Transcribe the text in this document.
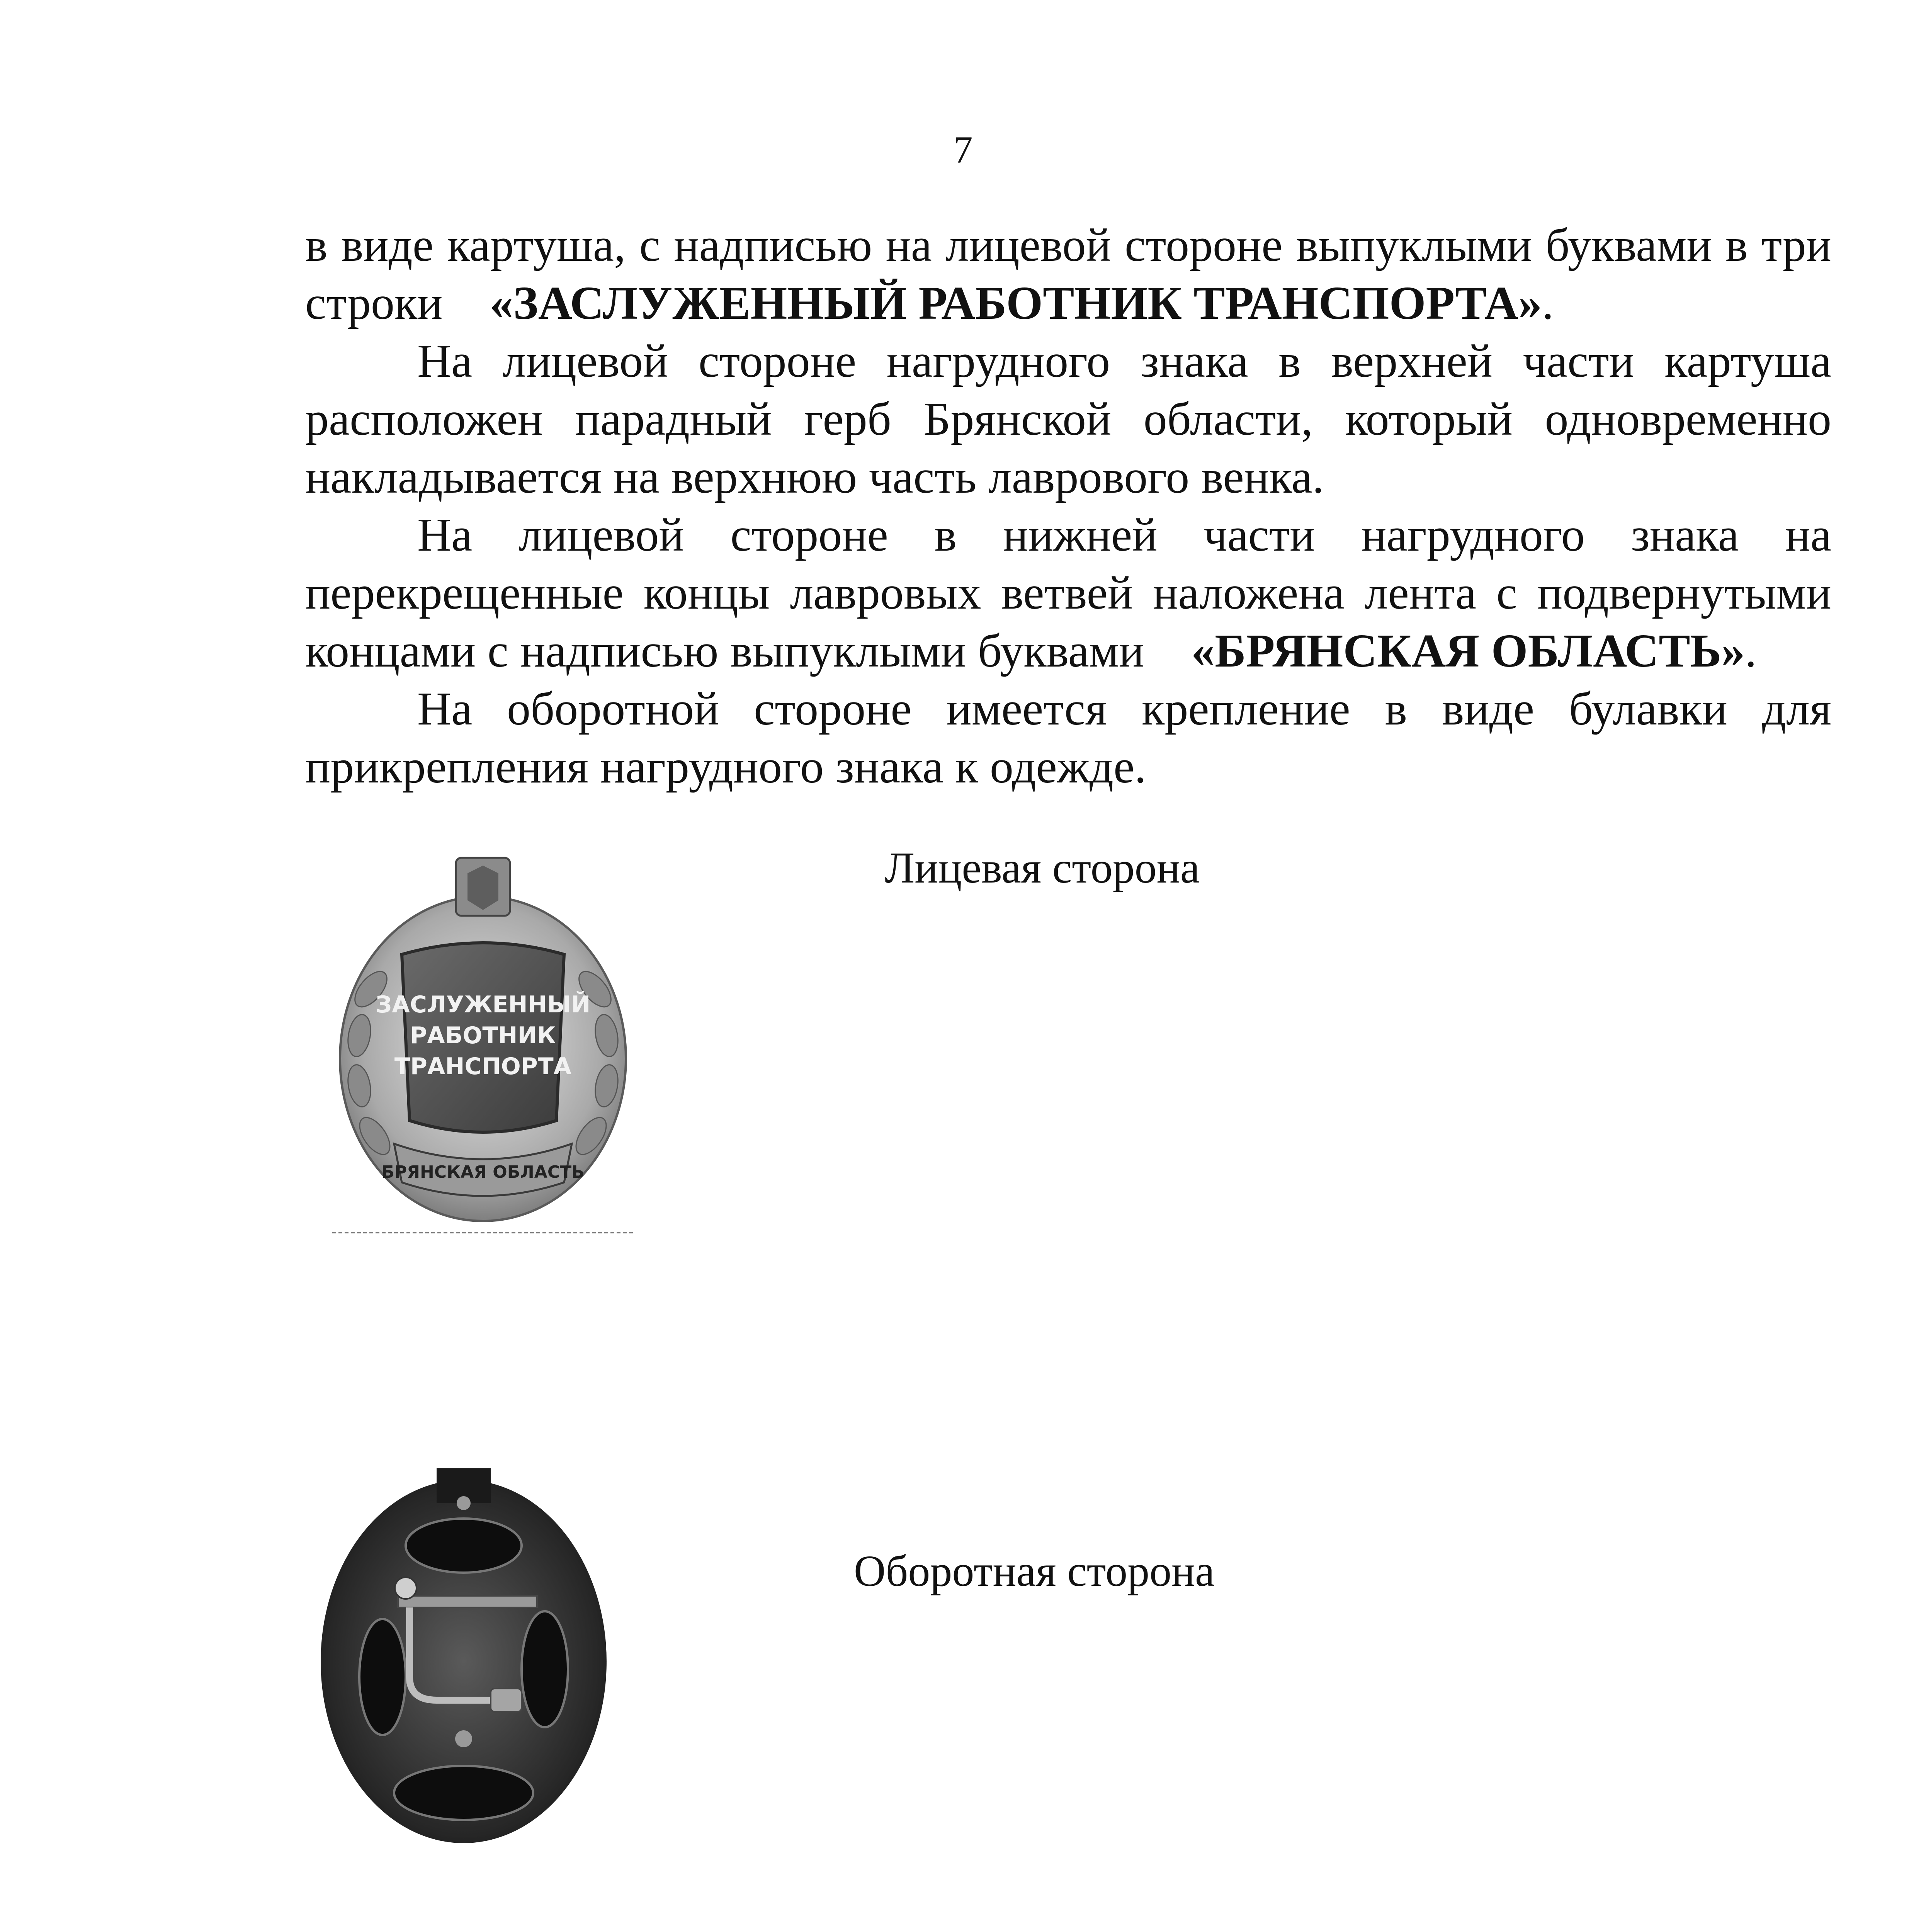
7
в виде картуша, с надписью на лицевой стороне выпуклыми буквами в три
строки «ЗАСЛУЖЕННЫЙ РАБОТНИК ТРАНСПОРТА».
На лицевой стороне нагрудного знака в верхней части картуша
расположен парадный герб Брянской области, который одновременно
накладывается на верхнюю часть лаврового венка.
На лицевой стороне в нижней части нагрудного знака на
перекрещенные концы лавровых ветвей наложена лента с подвернутыми
концами с надписью выпуклыми буквами «БРЯНСКАЯ ОБЛАСТЬ».
На оборотной стороне имеется крепление в виде булавки для
прикрепления нагрудного знака к одежде.
ЗАСЛУЖЕННЫЙ
РАБОТНИК
ТРАНСПОРТА
БРЯНСКАЯ ОБЛАСТЬ
Лицевая сторона
Оборотная сторона
